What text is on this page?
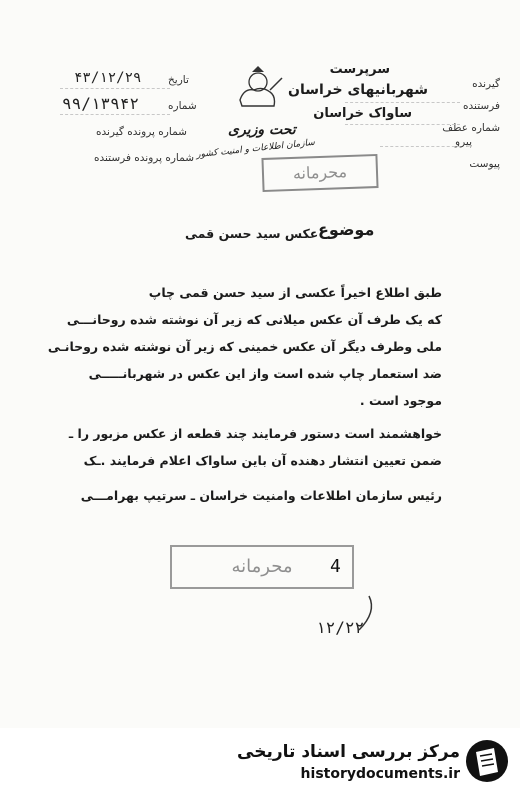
گیرنده
فرستنده
شماره عطف
پیرو
پیوست
سرپرست
شهربانیهای خراسان
ساواک خراسان
تحت وزیری
سازمان اطلاعات و امنیت کشور
تاریخ
۴۳/۱۲/۲۹
شماره
۹۹/۱۳۹۴۲
شماره پرونده گیرنده
شماره پرونده فرستنده
محرمانه
موضوع
عکس سید حسن قمی
طبق اطلاع اخیراً عکسی از سید حسن قمی چاپ
که یک طرف آن عکس میلانی که زیر آن نوشته شده روحانـــی
ملی وطرف دیگر آن عکس خمینی که زیر آن نوشته شده روحانـی
ضد استعمار چاپ شده است واز این عکس در شهربانـــــی
موجود است .
خواهشمند است دستور فرمایند چند قطعه از عکس مزبور را ـ
ضمن تعیین انتشار دهنده آن باین ساواک اعلام فرمایند .ـک
رئیس سازمان اطلاعات وامنیت خراسان ـ سرتیپ بهرامـــی
محرمانه	4
۱۲/۲۲
مرکز بررسی اسناد تاریخی
historydocuments.ir
